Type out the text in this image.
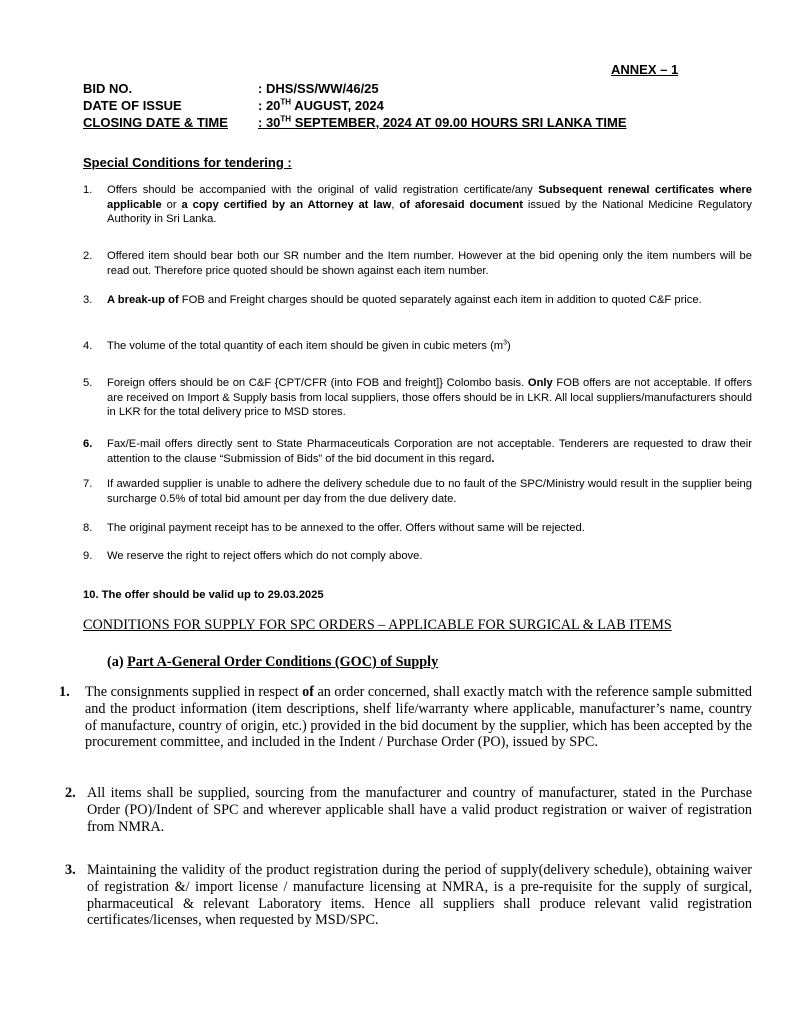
ANNEX – 1
BID NO.	: DHS/SS/WW/46/25
DATE OF ISSUE	: 20TH AUGUST, 2024
CLOSING DATE & TIME	: 30TH SEPTEMBER, 2024 AT 09.00 HOURS SRI LANKA TIME
Special Conditions for tendering :
1.	Offers should be accompanied with the original of valid registration certificate/any Subsequent renewal certificates where applicable or a copy certified by an Attorney at law, of aforesaid document issued by the National Medicine Regulatory Authority in Sri Lanka.
2.	Offered item should bear both our SR number and the Item number. However at the bid opening only the item numbers will be read out. Therefore price quoted should be shown against each item number.
3.	A break-up of FOB and Freight charges should be quoted separately against each item in addition to quoted C&F price.
4.	The volume of the total quantity of each item should be given in cubic meters $(m^3)$
5.	Foreign offers should be on C&F {CPT/CFR (into FOB and freight]} Colombo basis. Only FOB offers are not acceptable. If offers are received on Import & Supply basis from local suppliers, those offers should be in LKR. All local suppliers/manufacturers should in LKR for the total delivery price to MSD stores.
6.	Fax/E-mail offers directly sent to State Pharmaceuticals Corporation are not acceptable. Tenderers are requested to draw their attention to the clause “Submission of Bids” of the bid document in this regard.
7.	If awarded supplier is unable to adhere the delivery schedule due to no fault of the SPC/Ministry would result in the supplier being surcharge 0.5% of total bid amount per day from the due delivery date.
8.	The original payment receipt has to be annexed to the offer. Offers without same will be rejected.
9.	We reserve the right to reject offers which do not comply above.
10. The offer should be valid up to 29.03.2025
CONDITIONS FOR SUPPLY FOR SPC ORDERS – APPLICABLE FOR SURGICAL & LAB ITEMS
(a) Part A-General Order Conditions (GOC) of Supply
1.	The consignments supplied in respect of an order concerned, shall exactly match with the reference sample submitted and the product information (item descriptions, shelf life/warranty where applicable, manufacturer’s name, country of manufacture, country of origin, etc.) provided in the bid document by the supplier, which has been accepted by the procurement committee, and included in the Indent / Purchase Order (PO), issued by SPC.
2. All items shall be supplied, sourcing from the manufacturer and country of manufacturer, stated in the Purchase Order (PO)/Indent of SPC and wherever applicable shall have a valid product registration or waiver of registration from NMRA.
3. Maintaining the validity of the product registration during the period of supply(delivery schedule), obtaining waiver of registration &/ import license / manufacture licensing at NMRA, is a pre-requisite for the supply of surgical, pharmaceutical & relevant Laboratory items. Hence all suppliers shall produce relevant valid registration certificates/licenses, when requested by MSD/SPC.
